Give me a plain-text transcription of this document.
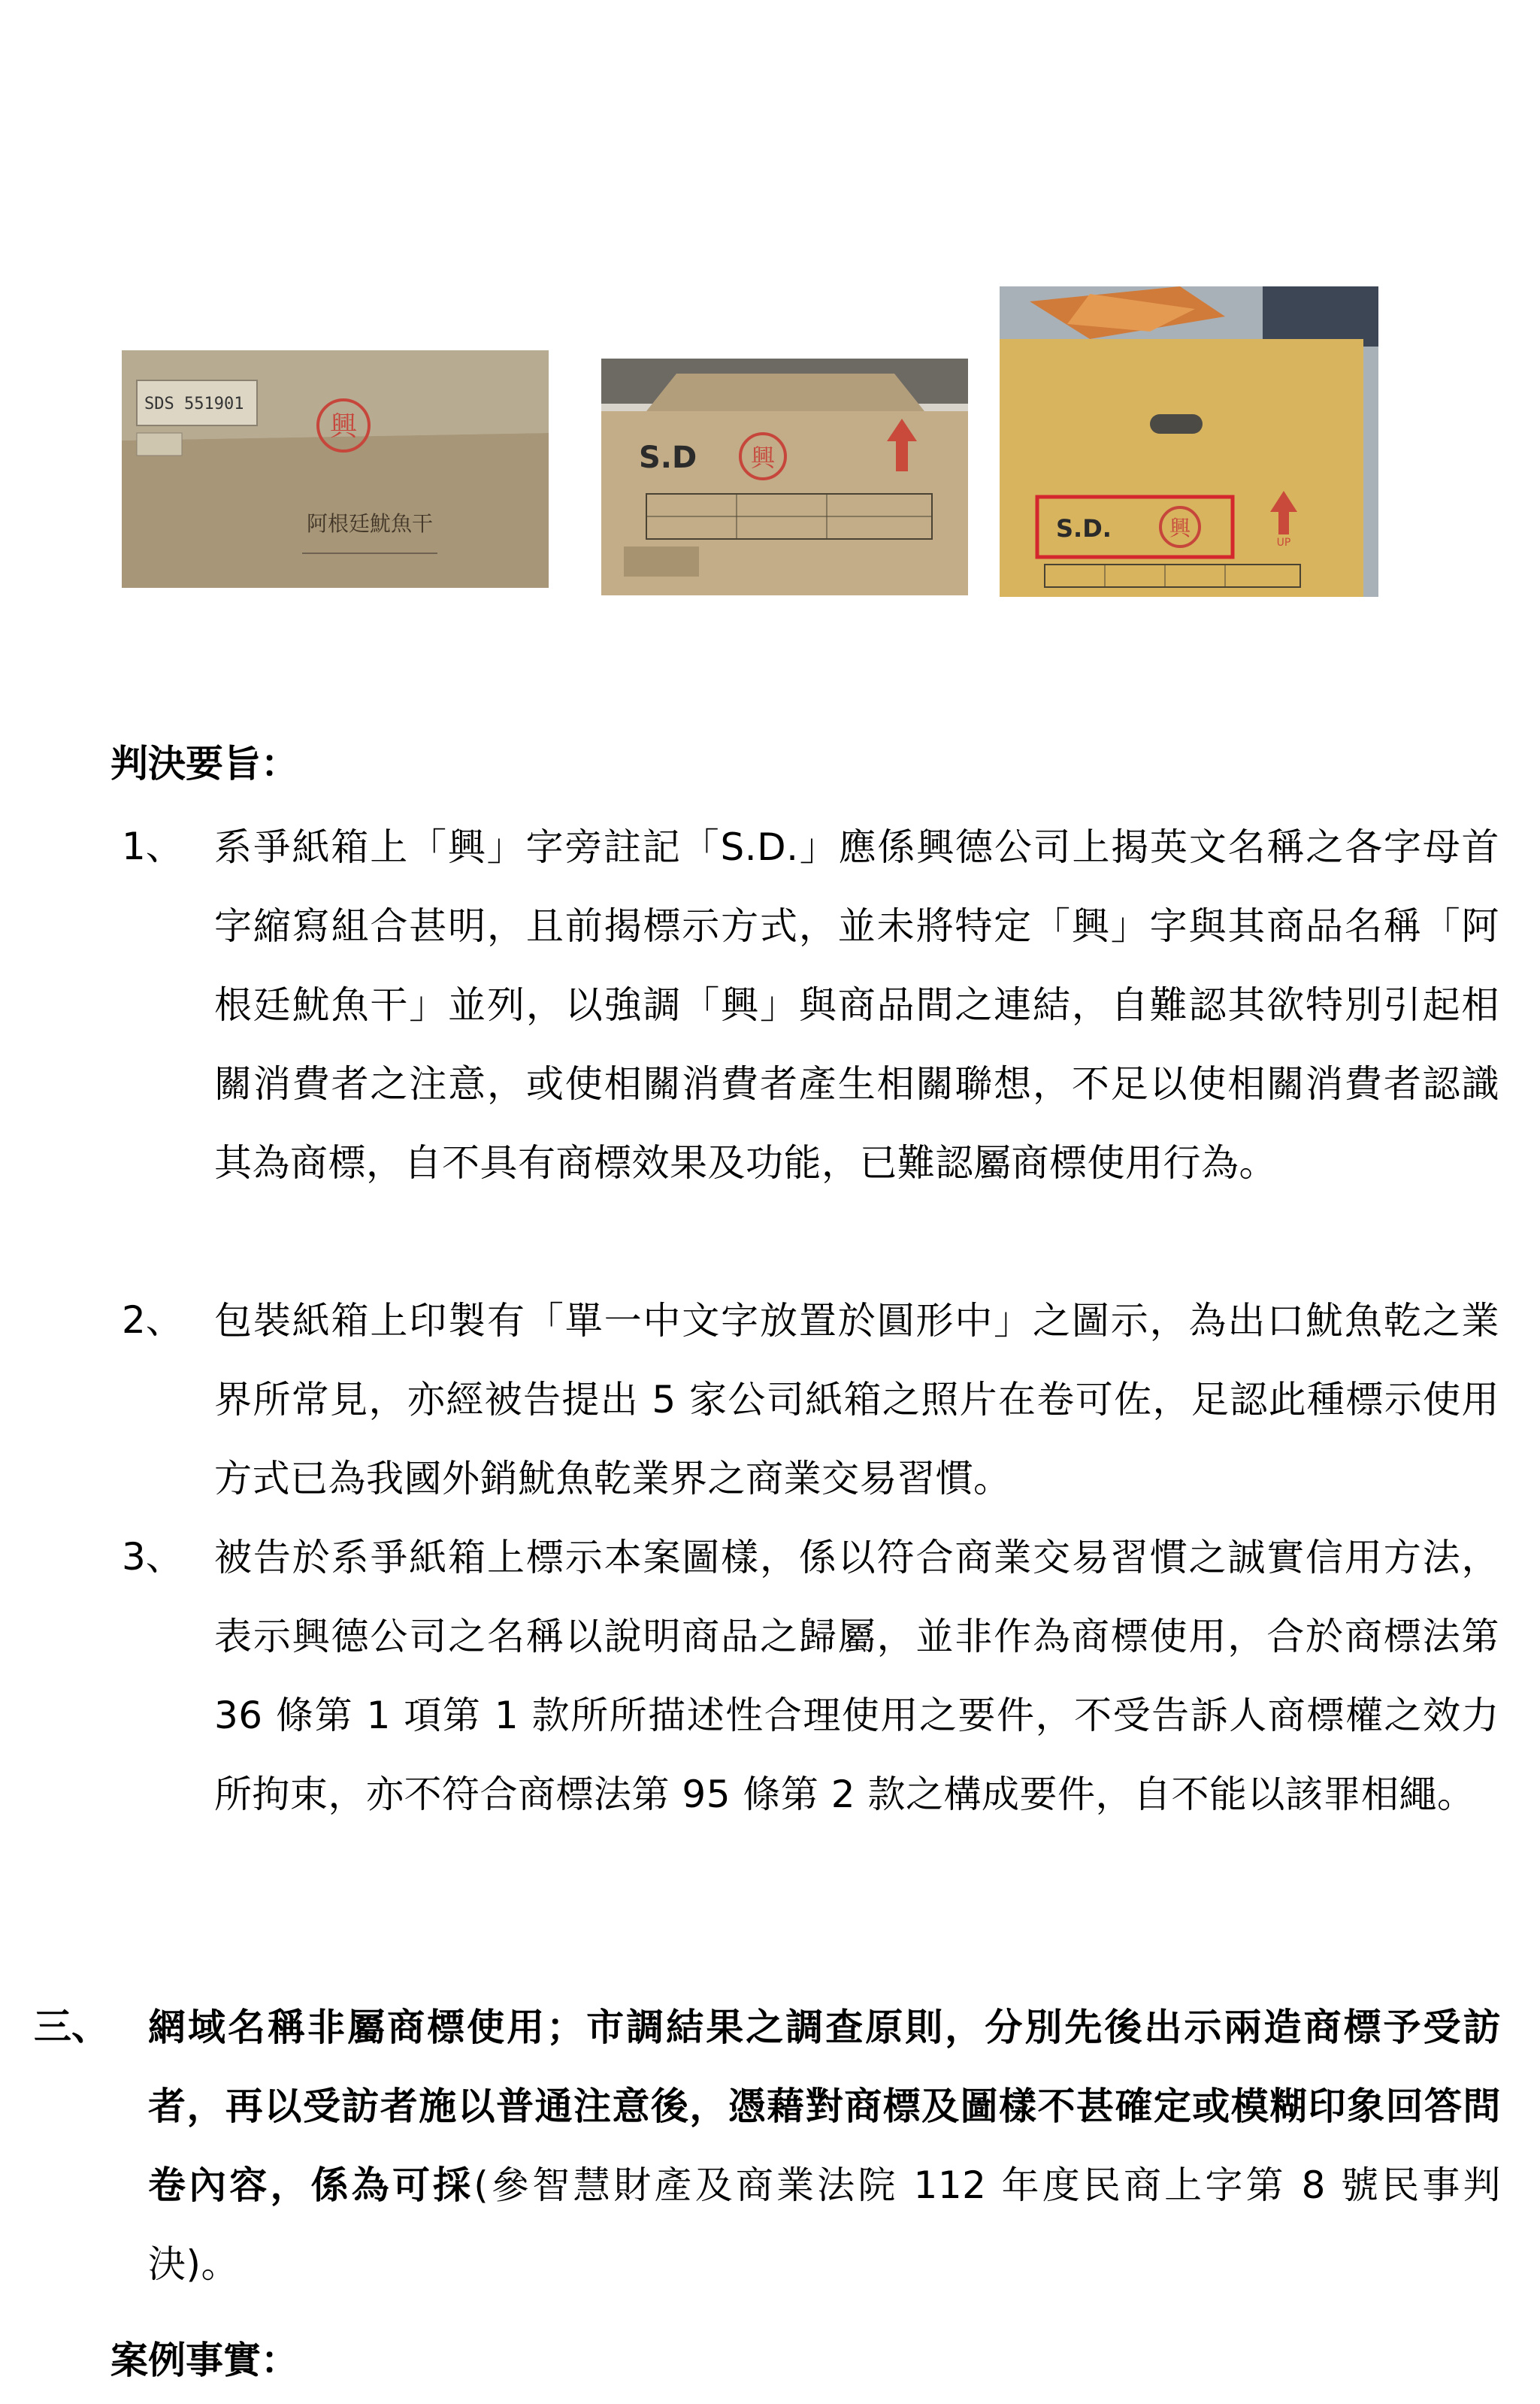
SDS 551901
興
阿根廷魷魚干
S.D 興
S.D.	興
UP
判決要旨：
1、 系爭紙箱上「興」字旁註記「S.D.」應係興德公司上揭英文名稱之各字母首字縮寫組合甚明，且前揭標示方式，並未將特定「興」字與其商品名稱「阿根廷魷魚干」並列，以強調「興」與商品間之連結，自難認其欲特別引起相關消費者之注意，或使相關消費者產生相關聯想，不足以使相關消費者認識其為商標，自不具有商標效果及功能，已難認屬商標使用行為。
2、 包裝紙箱上印製有「單一中文字放置於圓形中」之圖示，為出口魷魚乾之業界所常見，亦經被告提出 5 家公司紙箱之照片在卷可佐，足認此種標示使用方式已為我國外銷魷魚乾業界之商業交易習慣。
3、 被告於系爭紙箱上標示本案圖樣，係以符合商業交易習慣之誠實信用方法，表示興德公司之名稱以說明商品之歸屬，並非作為商標使用，合於商標法第 36 條第 1 項第 1 款所所描述性合理使用之要件，不受告訴人商標權之效力所拘束，亦不符合商標法第 95 條第 2 款之構成要件，自不能以該罪相繩。
三、 網域名稱非屬商標使用；市調結果之調查原則，分別先後出示兩造商標予受訪者，再以受訪者施以普通注意後，憑藉對商標及圖樣不甚確定或模糊印象回答問卷內容，係為可採(參智慧財產及商業法院 112 年度民商上字第 8 號民事判決)。
案例事實：
